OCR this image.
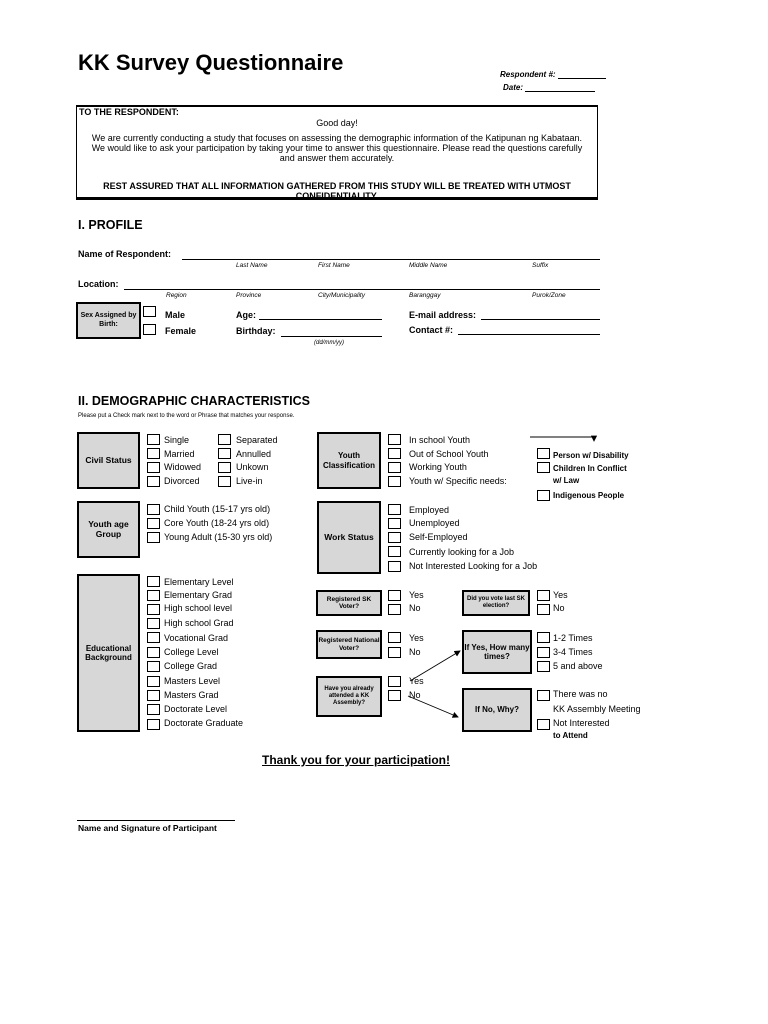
KK Survey Questionnaire	Respondent #:
Date:
TO THE RESPONDENT:
Good day!
We are currently conducting a study that focuses on assessing the demographic information of the Katipunan ng Kabataan.
We would like to ask your participation by taking your time to answer this questionnaire. Please read the questions carefully
and answer them accurately.
REST ASSURED THAT ALL INFORMATION GATHERED FROM THIS STUDY WILL BE TREATED WITH UTMOST
CONFIDENTIALITY.
I. PROFILE
Name of Respondent:
Last Name	First Name	Middle Name	Suffix
Location:
Region	Province	City/Municipality	Baranggay	Purok/Zone
Sex Assigned by Birth:
Male
Female
Age:
Birthday:
(dd/mm/yy)
E-mail address:
Contact #:
II. DEMOGRAPHIC CHARACTERISTICS
Please put a Check mark next to the word or Phrase that matches your response.
Civil Status
Single
Married
Widowed
Divorced
Separated
Annulled
Unkown
Live-in
Youth Classification
In school Youth
Out of School Youth
Working Youth
Youth w/ Specific needs:
Person w/ Disability
Children In Conflict
w/ Law
Indigenous People
Youth age Group
Child Youth (15-17 yrs old)
Core Youth (18-24 yrs old)
Young Adult (15-30 yrs old)	Work Status
Employed
Unemployed
Self-Employed
Currently looking for a Job
Not Interested Looking for a Job
Educational Background
Elementary Level
Elementary Grad
High school level
High school Grad
Vocational Grad
College Level
College Grad
Masters Level
Masters Grad
Doctorate Level
Doctorate Graduate
Registered SK Voter?
Yes
No
Did you vote last SK election?
Yes
No
Registered National Voter?
Yes
No	If Yes, How many times?
1-2 Times
3-4 Times
5 and above
Have you already attended a KK Assembly?
Yes
No
If No, Why?
There was no
KK Assembly Meeting
Not Interested
to Attend
Thank you for your participation!
Name and Signature of Participant
